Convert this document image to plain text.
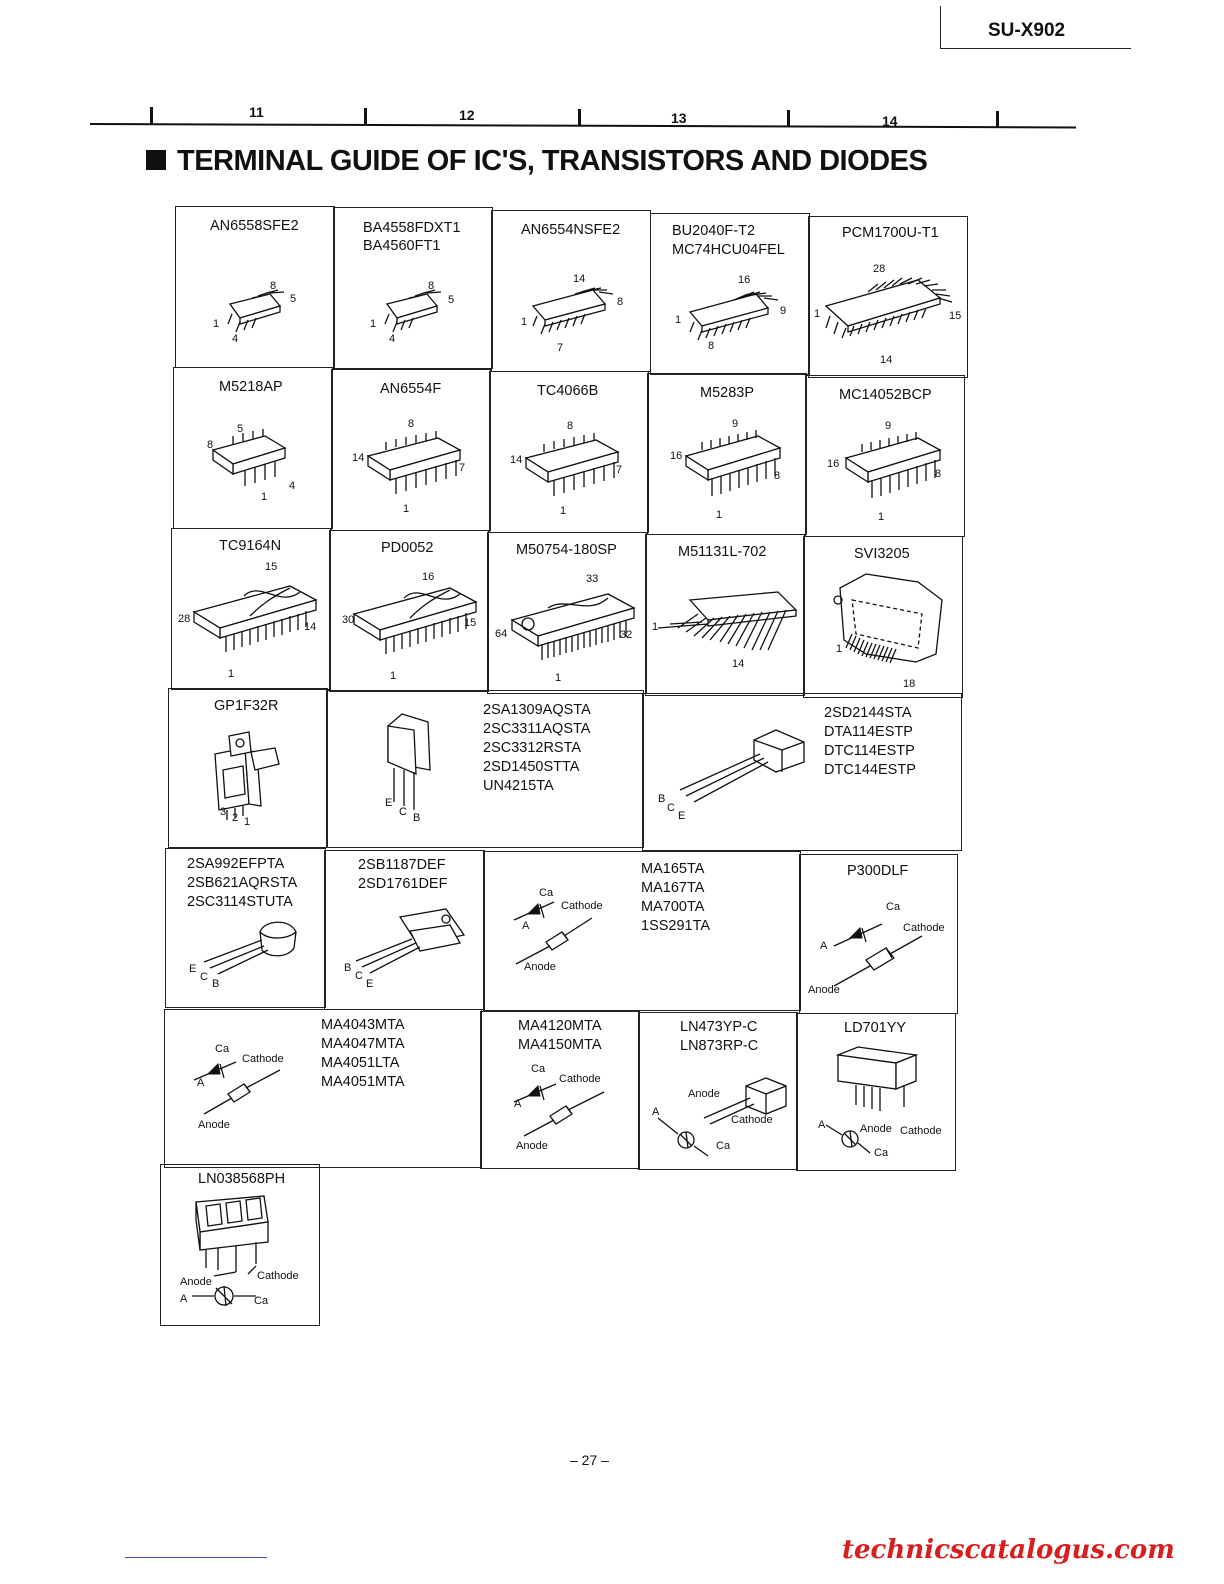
SU-X902
11	12	13	14
TERMINAL GUIDE OF IC'S, TRANSISTORS AND DIODES
AN6558SFE2	BA4558FDXT1
BA4560FT1
AN6554NSFE2	BU2040F-T2
MC74HCU04FEL
PCM1700U-T1
1
4
5
8
1
4
5
8
1
7
8
14
1
8
9
16
1
14
15
28
M5218AP	AN6554F	TC4066B	M5283P	MC14052BCP
1
4
5
8
1
7
8
14
1
7
8
14
1
8
9
16
1
8
9
16
TC9164N	PD0052	M50754-180SP	M51131L-702	SVI3205
1
14
15
28
1
15
16
30
1
32
33
64
1
14
1
18
GP1F32R	2SA1309AQSTA
2SC3311AQSTA
2SC3312RSTA
2SD1450STTA
UN4215TA
2SD2144STA
DTA114ESTP
DTC114ESTP
DTC144ESTP
3 2 1
E
C B
B
C
E
2SA992EFPTA
2SB621AQRSTA
2SC3114STUTA
2SB1187DEF
2SD1761DEF
MA165TA
MA167TA
MA700TA
1SS291TA
P300DLF
E
C
B
B
C
E
Ca
Cathode
A
Anode
Ca
Cathode
A
Anode
MA4043MTA
MA4047MTA
MA4051LTA
MA4051MTA
MA4120MTA
MA4150MTA
LN473YP-C
LN873RP-C
LD701YY
Ca
Cathode
A
Anode
Ca
Cathode
A
Anode
Anode
Cathode
A
Ca
A	Anode Cathode
Ca
LN038568PH
Anode	Cathode
A	Ca
– 27 –
technicscatalogus.com
